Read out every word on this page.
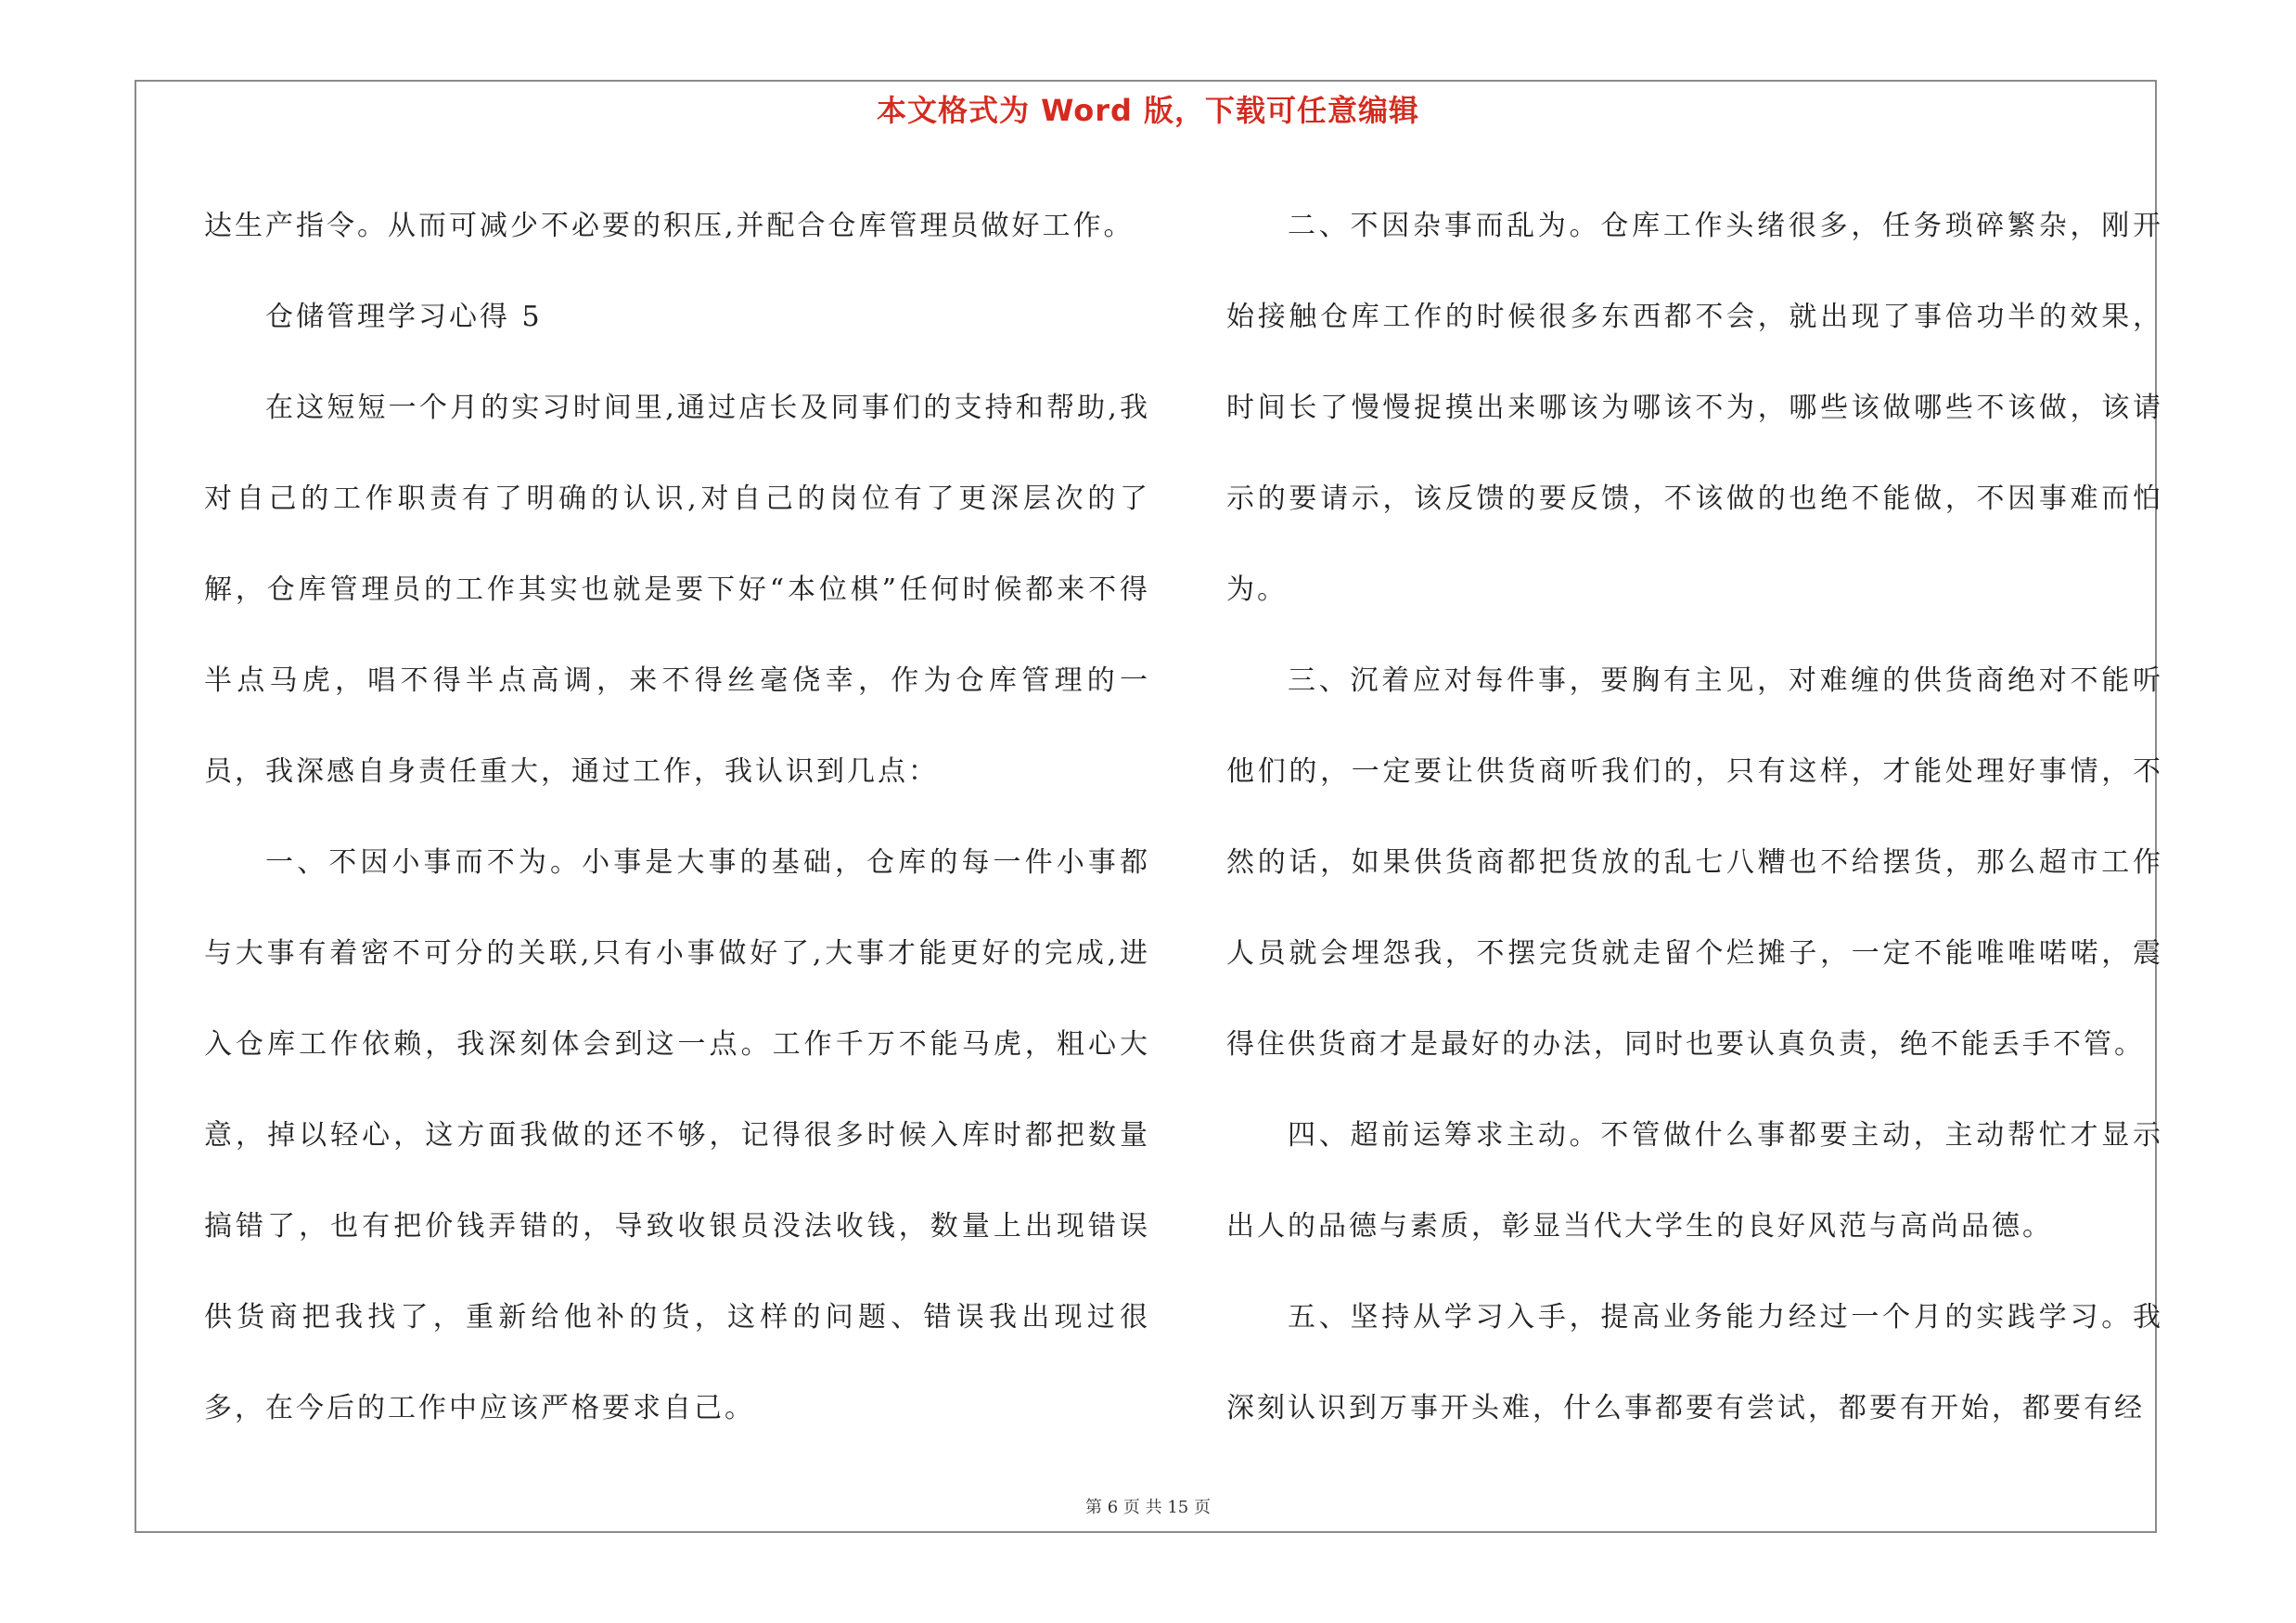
本文格式为 Word 版，下载可任意编辑

达生产指令。从而可减少不必要的积压,并配合仓库管理员做好工作。

仓储管理学习心得 5

在这短短一个月的实习时间里,通过店长及同事们的支持和帮助,我对自己的工作职责有了明确的认识,对自己的岗位有了更深层次的了解，仓库管理员的工作其实也就是要下好“本位棋”任何时候都来不得半点马虎，唱不得半点高调，来不得丝毫侥幸，作为仓库管理的一员，我深感自身责任重大，通过工作，我认识到几点：

一、不因小事而不为。小事是大事的基础，仓库的每一件小事都与大事有着密不可分的关联,只有小事做好了,大事才能更好的完成,进入仓库工作依赖，我深刻体会到这一点。工作千万不能马虎，粗心大意，掉以轻心，这方面我做的还不够，记得很多时候入库时都把数量搞错了，也有把价钱弄错的，导致收银员没法收钱，数量上出现错误供货商把我找了，重新给他补的货，这样的问题、错误我出现过很多，在今后的工作中应该严格要求自己。

二、不因杂事而乱为。仓库工作头绪很多，任务琐碎繁杂，刚开始接触仓库工作的时候很多东西都不会，就出现了事倍功半的效果，时间长了慢慢捉摸出来哪该为哪该不为，哪些该做哪些不该做，该请示的要请示，该反馈的要反馈，不该做的也绝不能做，不因事难而怕为。

三、沉着应对每件事，要胸有主见，对难缠的供货商绝对不能听他们的，一定要让供货商听我们的，只有这样，才能处理好事情，不然的话，如果供货商都把货放的乱七八糟也不给摆货，那么超市工作人员就会埋怨我，不摆完货就走留个烂摊子，一定不能唯唯喏喏，震得住供货商才是最好的办法，同时也要认真负责，绝不能丢手不管。

四、超前运筹求主动。不管做什么事都要主动，主动帮忙才显示出人的品德与素质，彰显当代大学生的良好风范与高尚品德。

五、坚持从学习入手，提高业务能力经过一个月的实践学习。我深刻认识到万事开头难，什么事都要有尝试，都要有开始，都要有经

第 6 页 共 15 页
